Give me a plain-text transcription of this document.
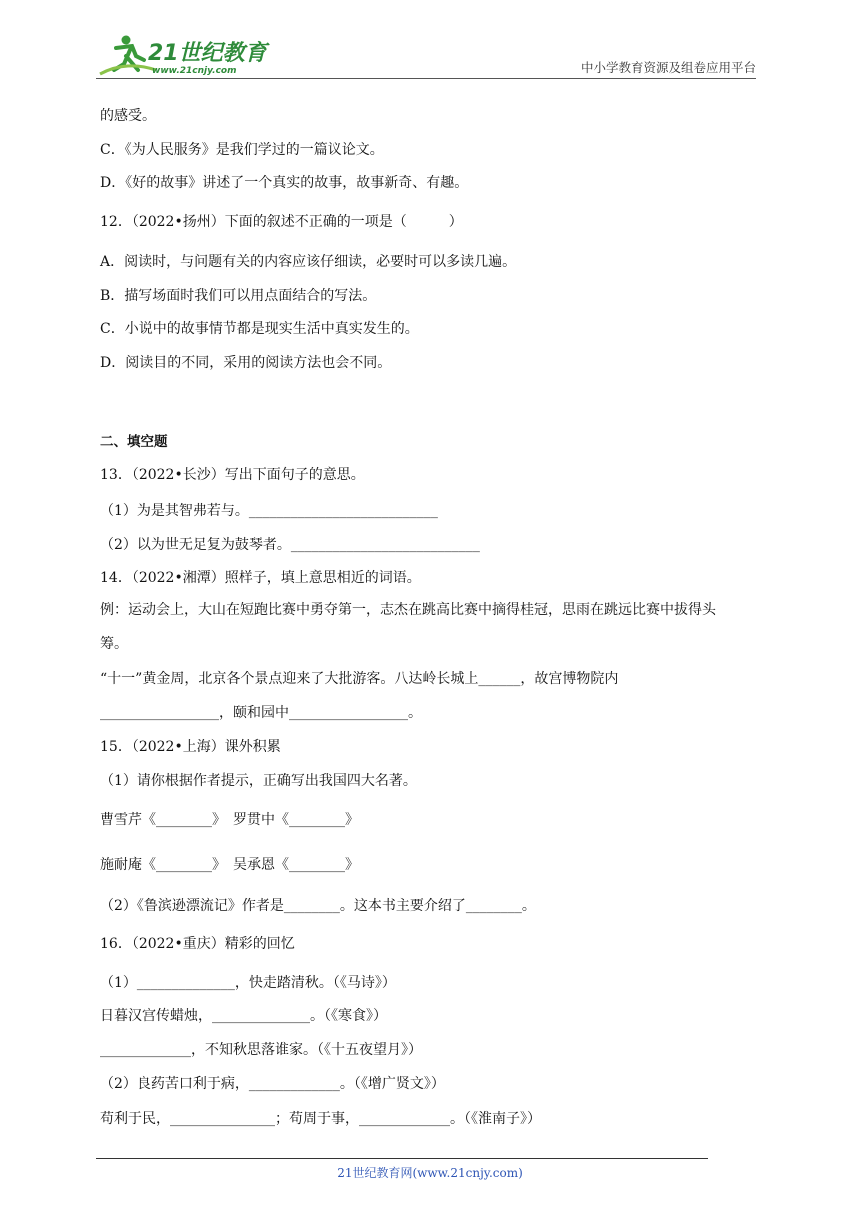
21世纪教育
www.21cnjy.com	中小学教育资源及组卷应用平台
的感受。
C．《为人民服务》是我们学过的一篇议论文。
D．《好的故事》讲述了一个真实的故事，故事新奇、有趣。
12．（2022•扬州）下面的叙述不正确的一项是（　　　）
A．阅读时，与问题有关的内容应该仔细读，必要时可以多读几遍。
B．描写场面时我们可以用点面结合的写法。
C．小说中的故事情节都是现实生活中真实发生的。
D．阅读目的不同，采用的阅读方法也会不同。
二、填空题
13．（2022•长沙）写出下面句子的意思。
（1）为是其智弗若与。___________________________
（2）以为世无足复为鼓琴者。___________________________
14．（2022•湘潭）照样子，填上意思相近的词语。
例：运动会上，大山在短跑比赛中勇夺第一，志杰在跳高比赛中摘得桂冠，思雨在跳远比赛中拔得头
筹。
“十一”黄金周，北京各个景点迎来了大批游客。八达岭长城上______，故宫博物院内
_________________，颐和园中_________________。
15．（2022•上海）课外积累
（1）请你根据作者提示，正确写出我国四大名著。
曹雪芹《________》　罗贯中《________》
施耐庵《________》　吴承恩《________》
（2）《鲁滨逊漂流记》作者是________。这本书主要介绍了________。
16．（2022•重庆）精彩的回忆
（1）______________，快走踏清秋。（《马诗》）
日暮汉宫传蜡烛，______________。（《寒食》）
_____________，不知秋思落谁家。（《十五夜望月》）
（2）良药苦口利于病，_____________。（《增广贤文》）
苟利于民，_______________；苟周于事，_____________。（《淮南子》）
21世纪教育网(www.21cnjy.com)
